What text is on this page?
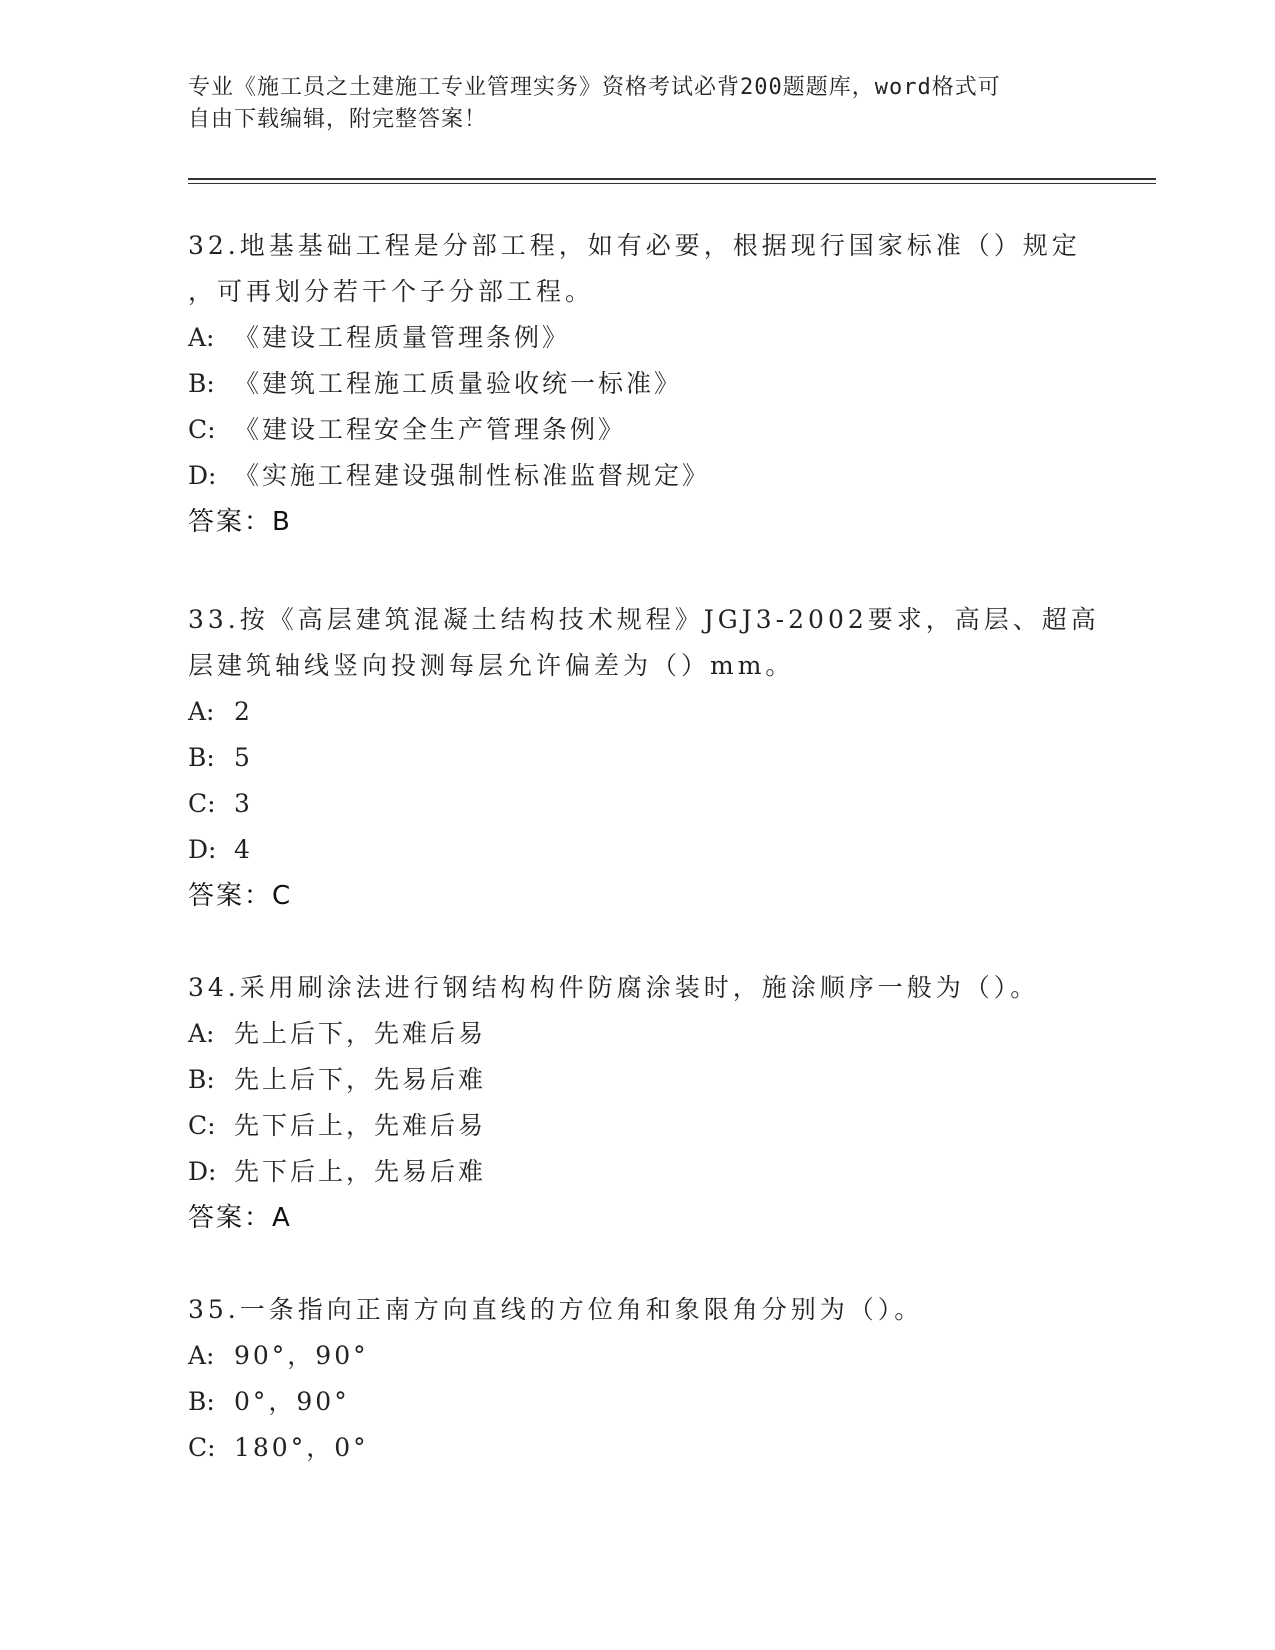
专业《施工员之土建施工专业管理实务》资格考试必背200题题库，word格式可
自由下载编辑，附完整答案！
32.地基基础工程是分部工程，如有必要，根据现行国家标准（）规定
，可再划分若干个子分部工程。
A: 《建设工程质量管理条例》
B: 《建筑工程施工质量验收统一标准》
C: 《建设工程安全生产管理条例》
D: 《实施工程建设强制性标准监督规定》
答案：B
33.按《高层建筑混凝土结构技术规程》JGJ3-2002要求，高层、超高
层建筑轴线竖向投测每层允许偏差为（）mm。
A: 2
B: 5
C: 3
D: 4
答案：C
34.采用刷涂法进行钢结构构件防腐涂装时，施涂顺序一般为（）。
A: 先上后下，先难后易
B: 先上后下，先易后难
C: 先下后上，先难后易
D: 先下后上，先易后难
答案：A
35.一条指向正南方向直线的方位角和象限角分别为（）。
A: 90°，90°
B: 0°，90°
C: 180°，0°
